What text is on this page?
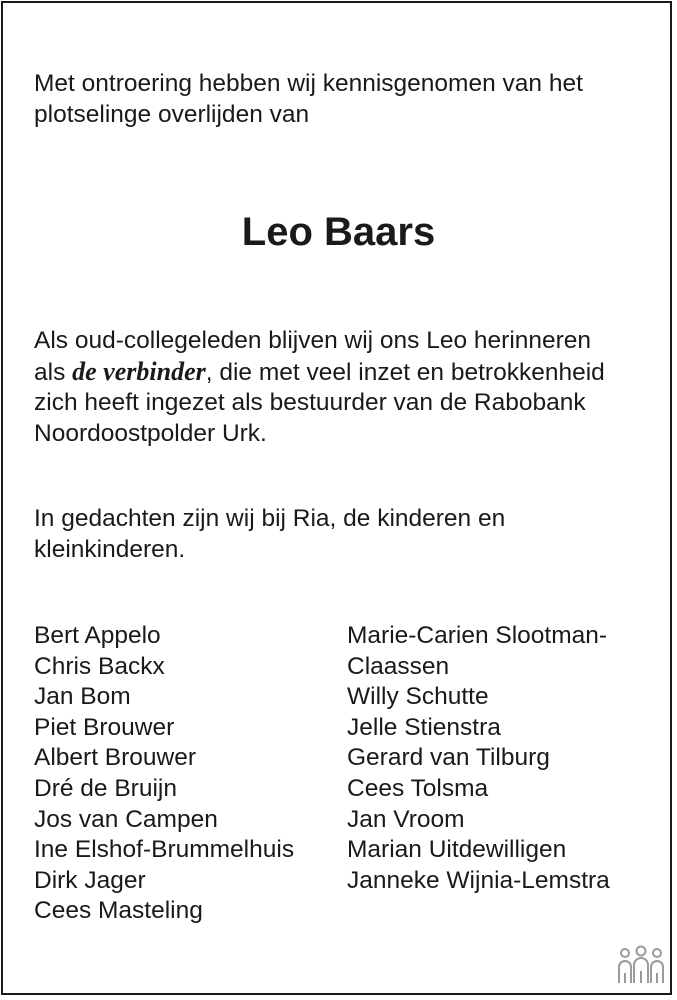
Met ontroering hebben wij kennisgenomen van het
plotselinge overlijden van
Leo Baars
Als oud-collegeleden blijven wij ons Leo herinneren
als de verbinder, die met veel inzet en betrokkenheid
zich heeft ingezet als bestuurder van de Rabobank
Noordoostpolder Urk.
In gedachten zijn wij bij Ria, de kinderen en
kleinkinderen.
Bert Appelo
Chris Backx
Jan Bom
Piet Brouwer
Albert Brouwer
Dré de Bruijn
Jos van Campen
Ine Elshof-Brummelhuis
Dirk Jager
Cees Masteling
Marie-Carien Slootman-
Claassen
Willy Schutte
Jelle Stienstra
Gerard van Tilburg
Cees Tolsma
Jan Vroom
Marian Uitdewilligen
Janneke Wijnia-Lemstra
